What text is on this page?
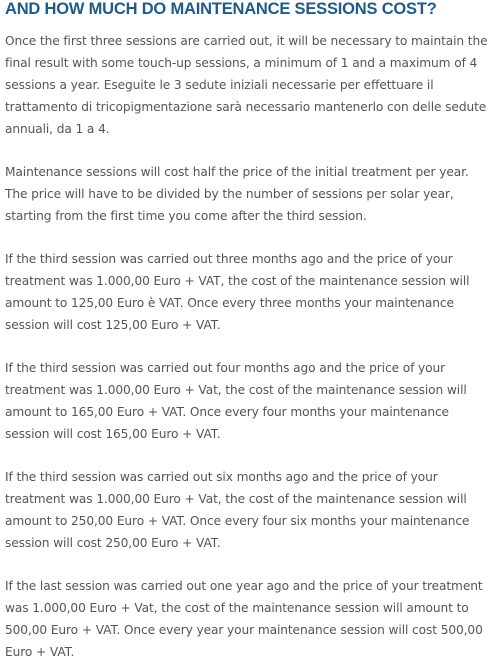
AND HOW MUCH DO MAINTENANCE SESSIONS COST?

Once the first three sessions are carried out, it will be necessary to maintain the final result with some touch-up sessions, a minimum of 1 and a maximum of 4 sessions a year. Eseguite le 3 sedute iniziali necessarie per effettuare il trattamento di tricopigmentazione sarà necessario mantenerlo con delle sedute annuali, da 1 a 4.

Maintenance sessions will cost half the price of the initial treatment per year. The price will have to be divided by the number of sessions per solar year, starting from the first time you come after the third session.

If the third session was carried out three months ago and the price of your treatment was 1.000,00 Euro + VAT, the cost of the maintenance session will amount to 125,00 Euro è VAT. Once every three months your maintenance session will cost 125,00 Euro + VAT.

If the third session was carried out four months ago and the price of your treatment was 1.000,00 Euro + Vat, the cost of the maintenance session will amount to 165,00 Euro + VAT. Once every four months your maintenance session will cost 165,00 Euro + VAT.

If the third session was carried out six months ago and the price of your treatment was 1.000,00 Euro + Vat, the cost of the maintenance session will amount to 250,00 Euro + VAT. Once every four six months your maintenance session will cost 250,00 Euro + VAT.

If the last session was carried out one year ago and the price of your treatment was 1.000,00 Euro + Vat, the cost of the maintenance session will amount to 500,00 Euro + VAT. Once every year your maintenance session will cost 500,00 Euro + VAT.
